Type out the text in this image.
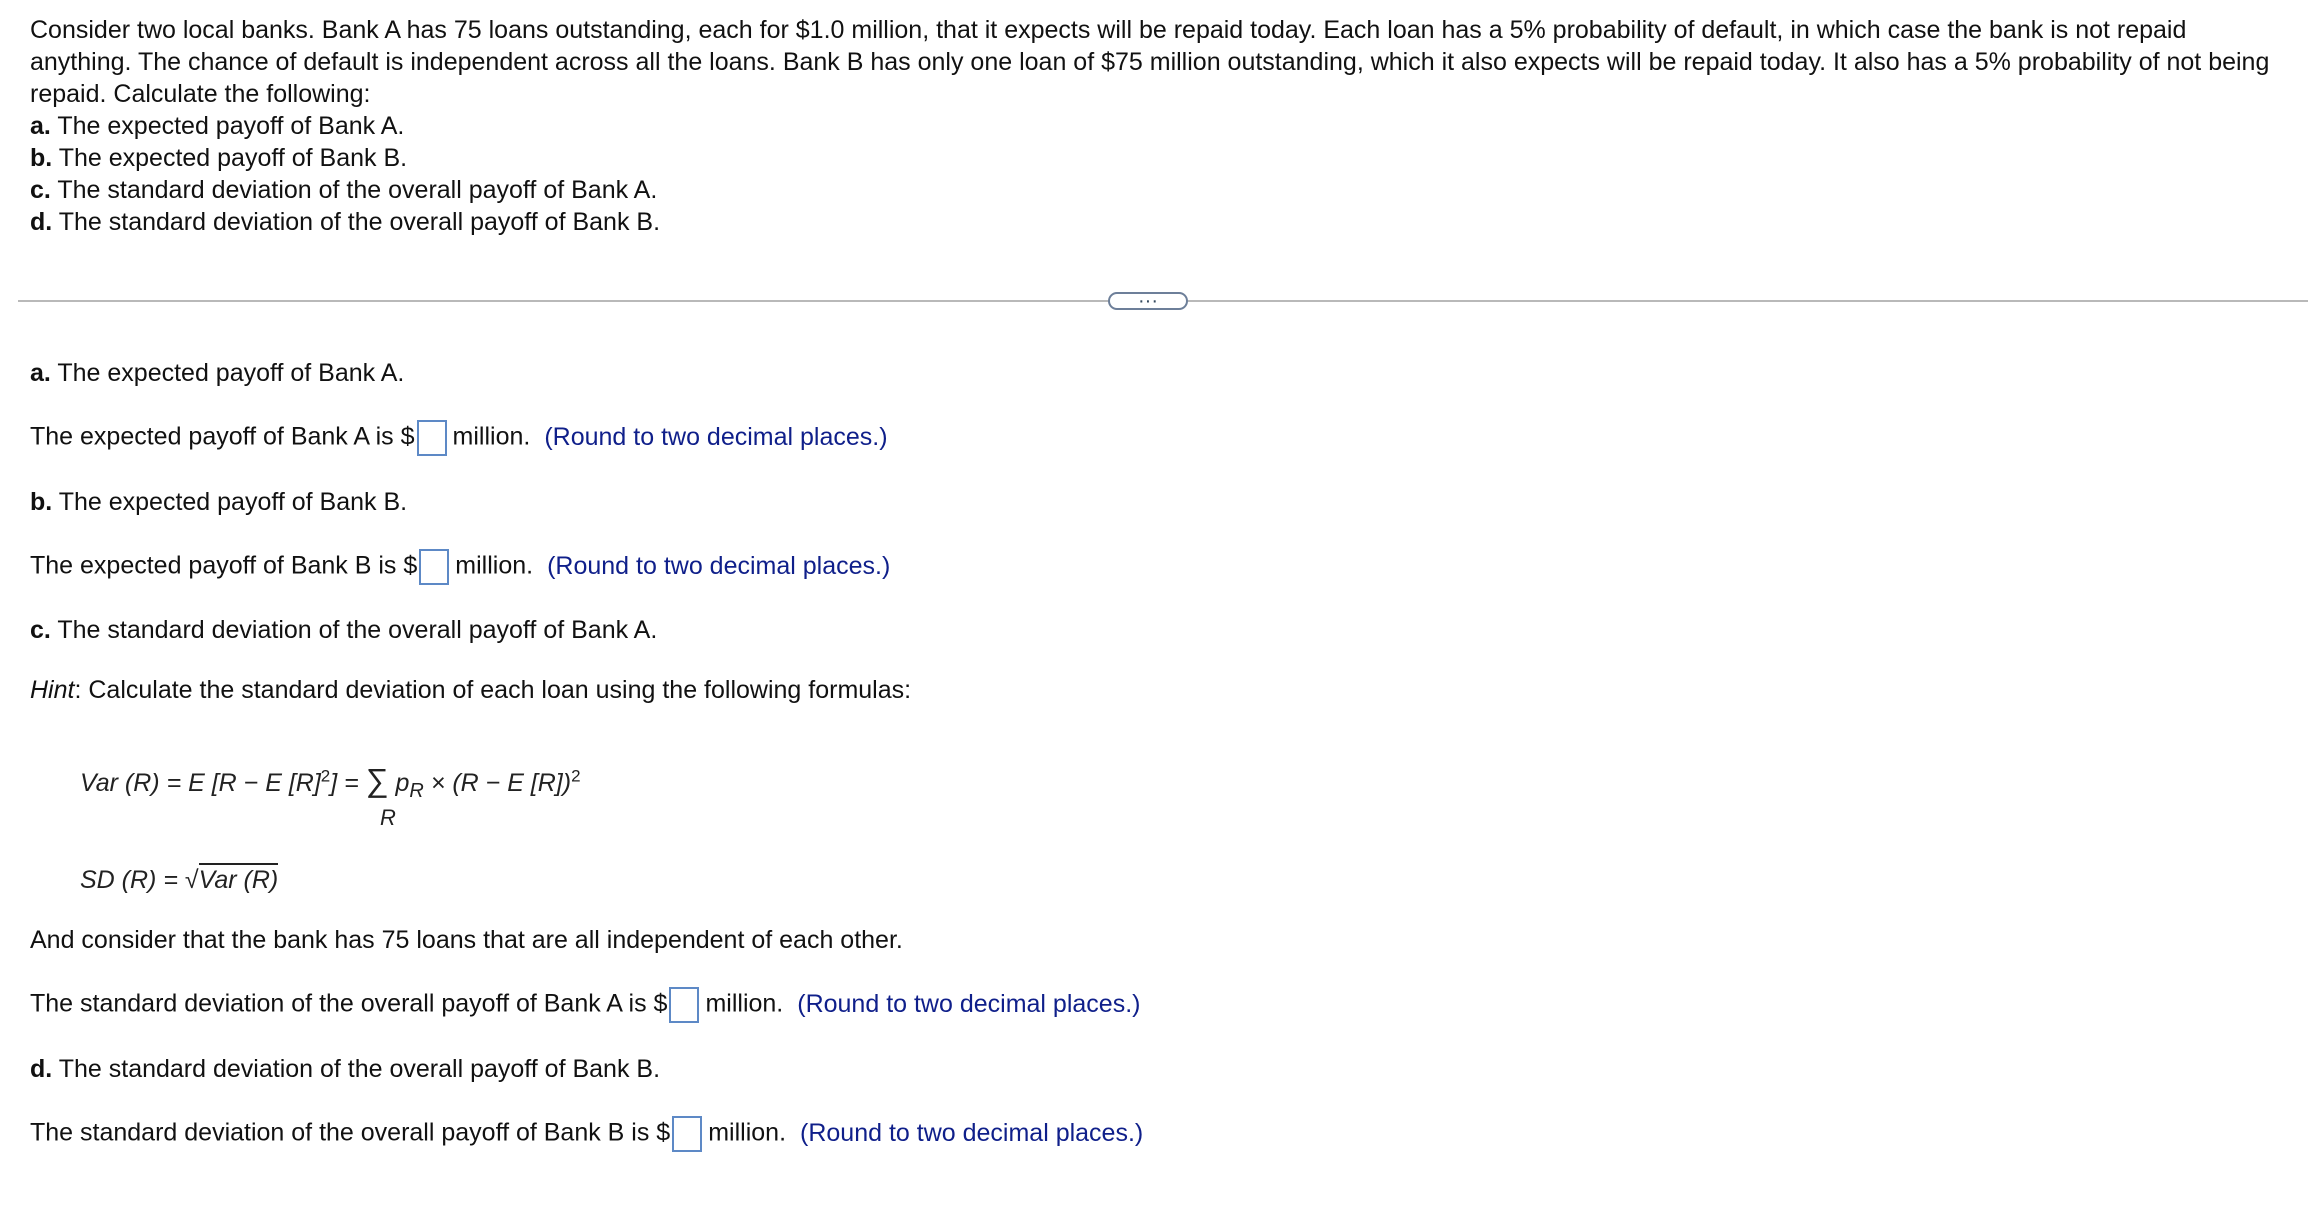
Consider two local banks. Bank A has 75 loans outstanding, each for $1.0 million, that it expects will be repaid today. Each loan has a 5% probability of default, in which case the bank is not repaid anything. The chance of default is independent across all the loans. Bank B has only one loan of $75 million outstanding, which it also expects will be repaid today. It also has a 5% probability of not being repaid. Calculate the following:

a. The expected payoff of Bank A.
b. The expected payoff of Bank B.
c. The standard deviation of the overall payoff of Bank A.
d. The standard deviation of the overall payoff of Bank B.
···
a. The expected payoff of Bank A.
The expected payoff of Bank A is $ million. (Round to two decimal places.)
b. The expected payoff of Bank B.
The expected payoff of Bank B is $ million. (Round to two decimal places.)
c. The standard deviation of the overall payoff of Bank A.
Hint: Calculate the standard deviation of each loan using the following formulas:
Var (R) = E [R − E $[R]^2$] = ∑ $p_R \times (R - E$ [R])$^2$
R
SD (R) = √Var (R)
And consider that the bank has 75 loans that are all independent of each other.
The standard deviation of the overall payoff of Bank A is $ million. (Round to two decimal places.)
d. The standard deviation of the overall payoff of Bank B.
The standard deviation of the overall payoff of Bank B is $ million. (Round to two decimal places.)
